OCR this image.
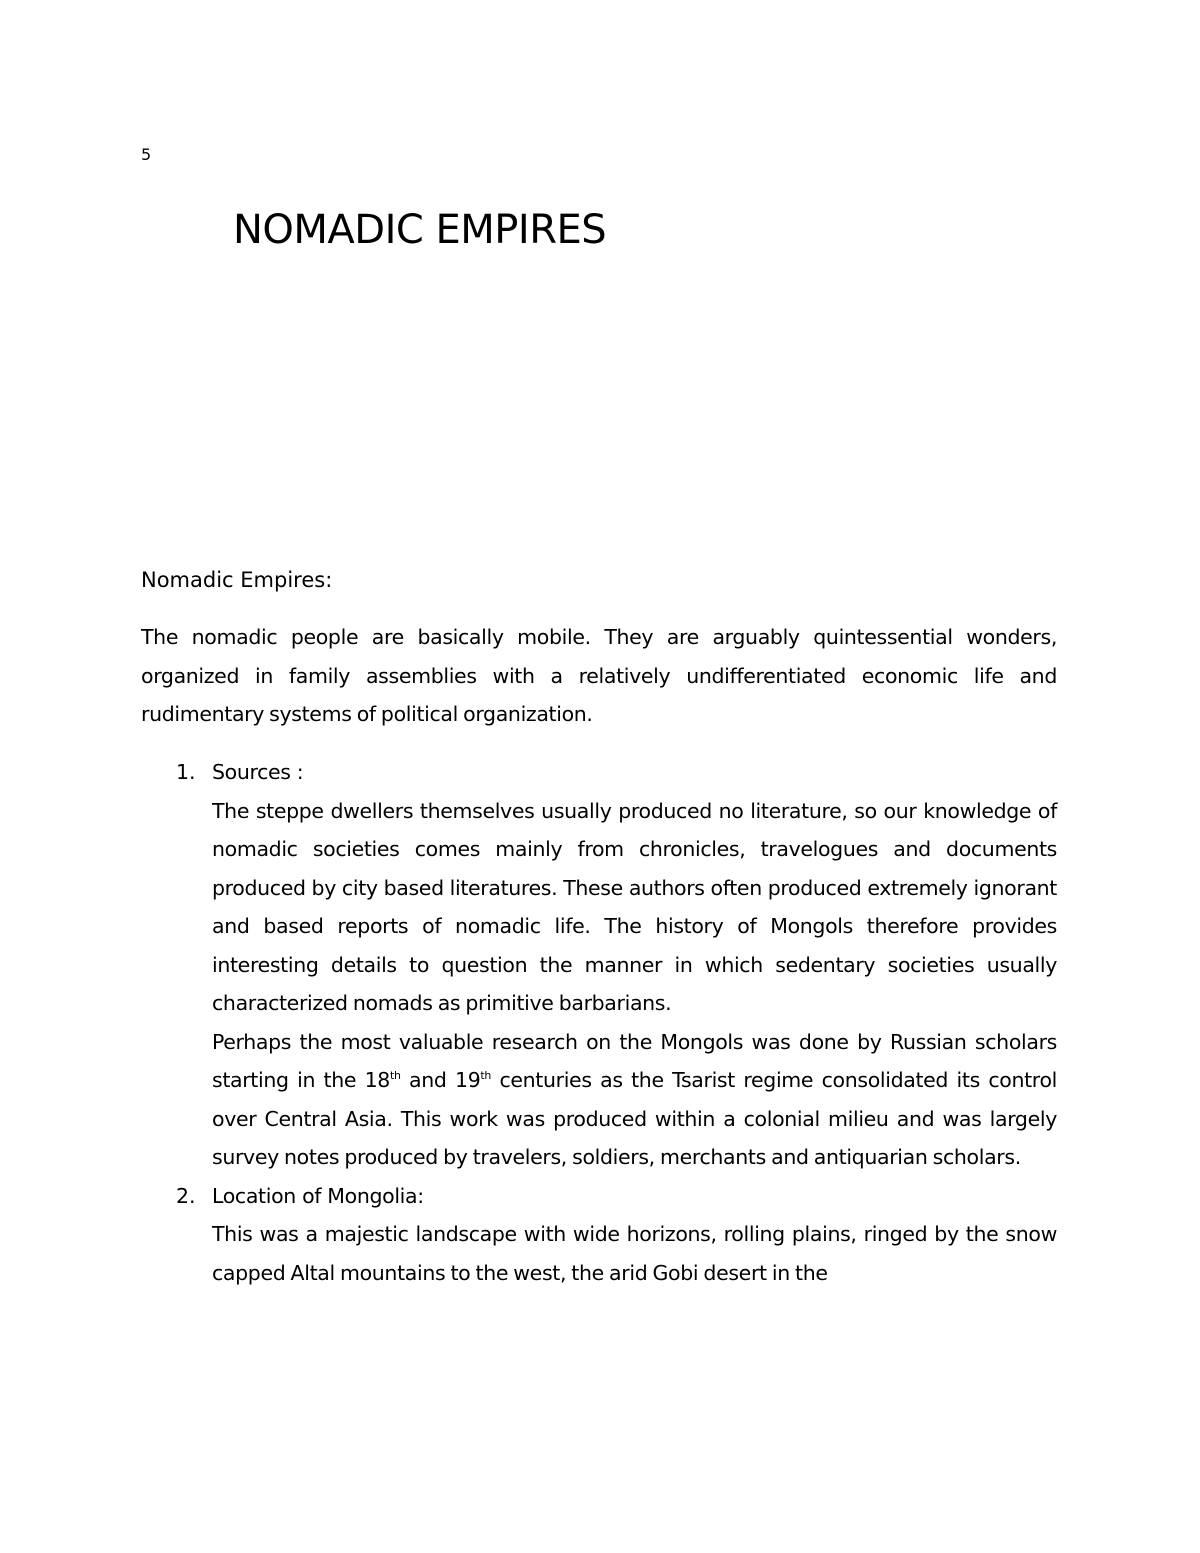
5
NOMADIC EMPIRES
Nomadic Empires:

The nomadic people are basically mobile. They are arguably quintessential wonders, organized in family assemblies with a relatively undifferentiated economic life and rudimentary systems of political organization.

1. Sources :

The steppe dwellers themselves usually produced no literature, so our knowledge of nomadic societies comes mainly from chronicles, travelogues and documents produced by city based literatures. These authors often produced extremely ignorant and based reports of nomadic life. The history of Mongols therefore provides interesting details to question the manner in which sedentary societies usually characterized nomads as primitive barbarians.

Perhaps the most valuable research on the Mongols was done by Russian scholars starting in the 18th and 19th centuries as the Tsarist regime consolidated its control over Central Asia. This work was produced within a colonial milieu and was largely survey notes produced by travelers, soldiers, merchants and antiquarian scholars.

2. Location of Mongolia:

This was a majestic landscape with wide horizons, rolling plains, ringed by the snow capped Altal mountains to the west, the arid Gobi desert in the
